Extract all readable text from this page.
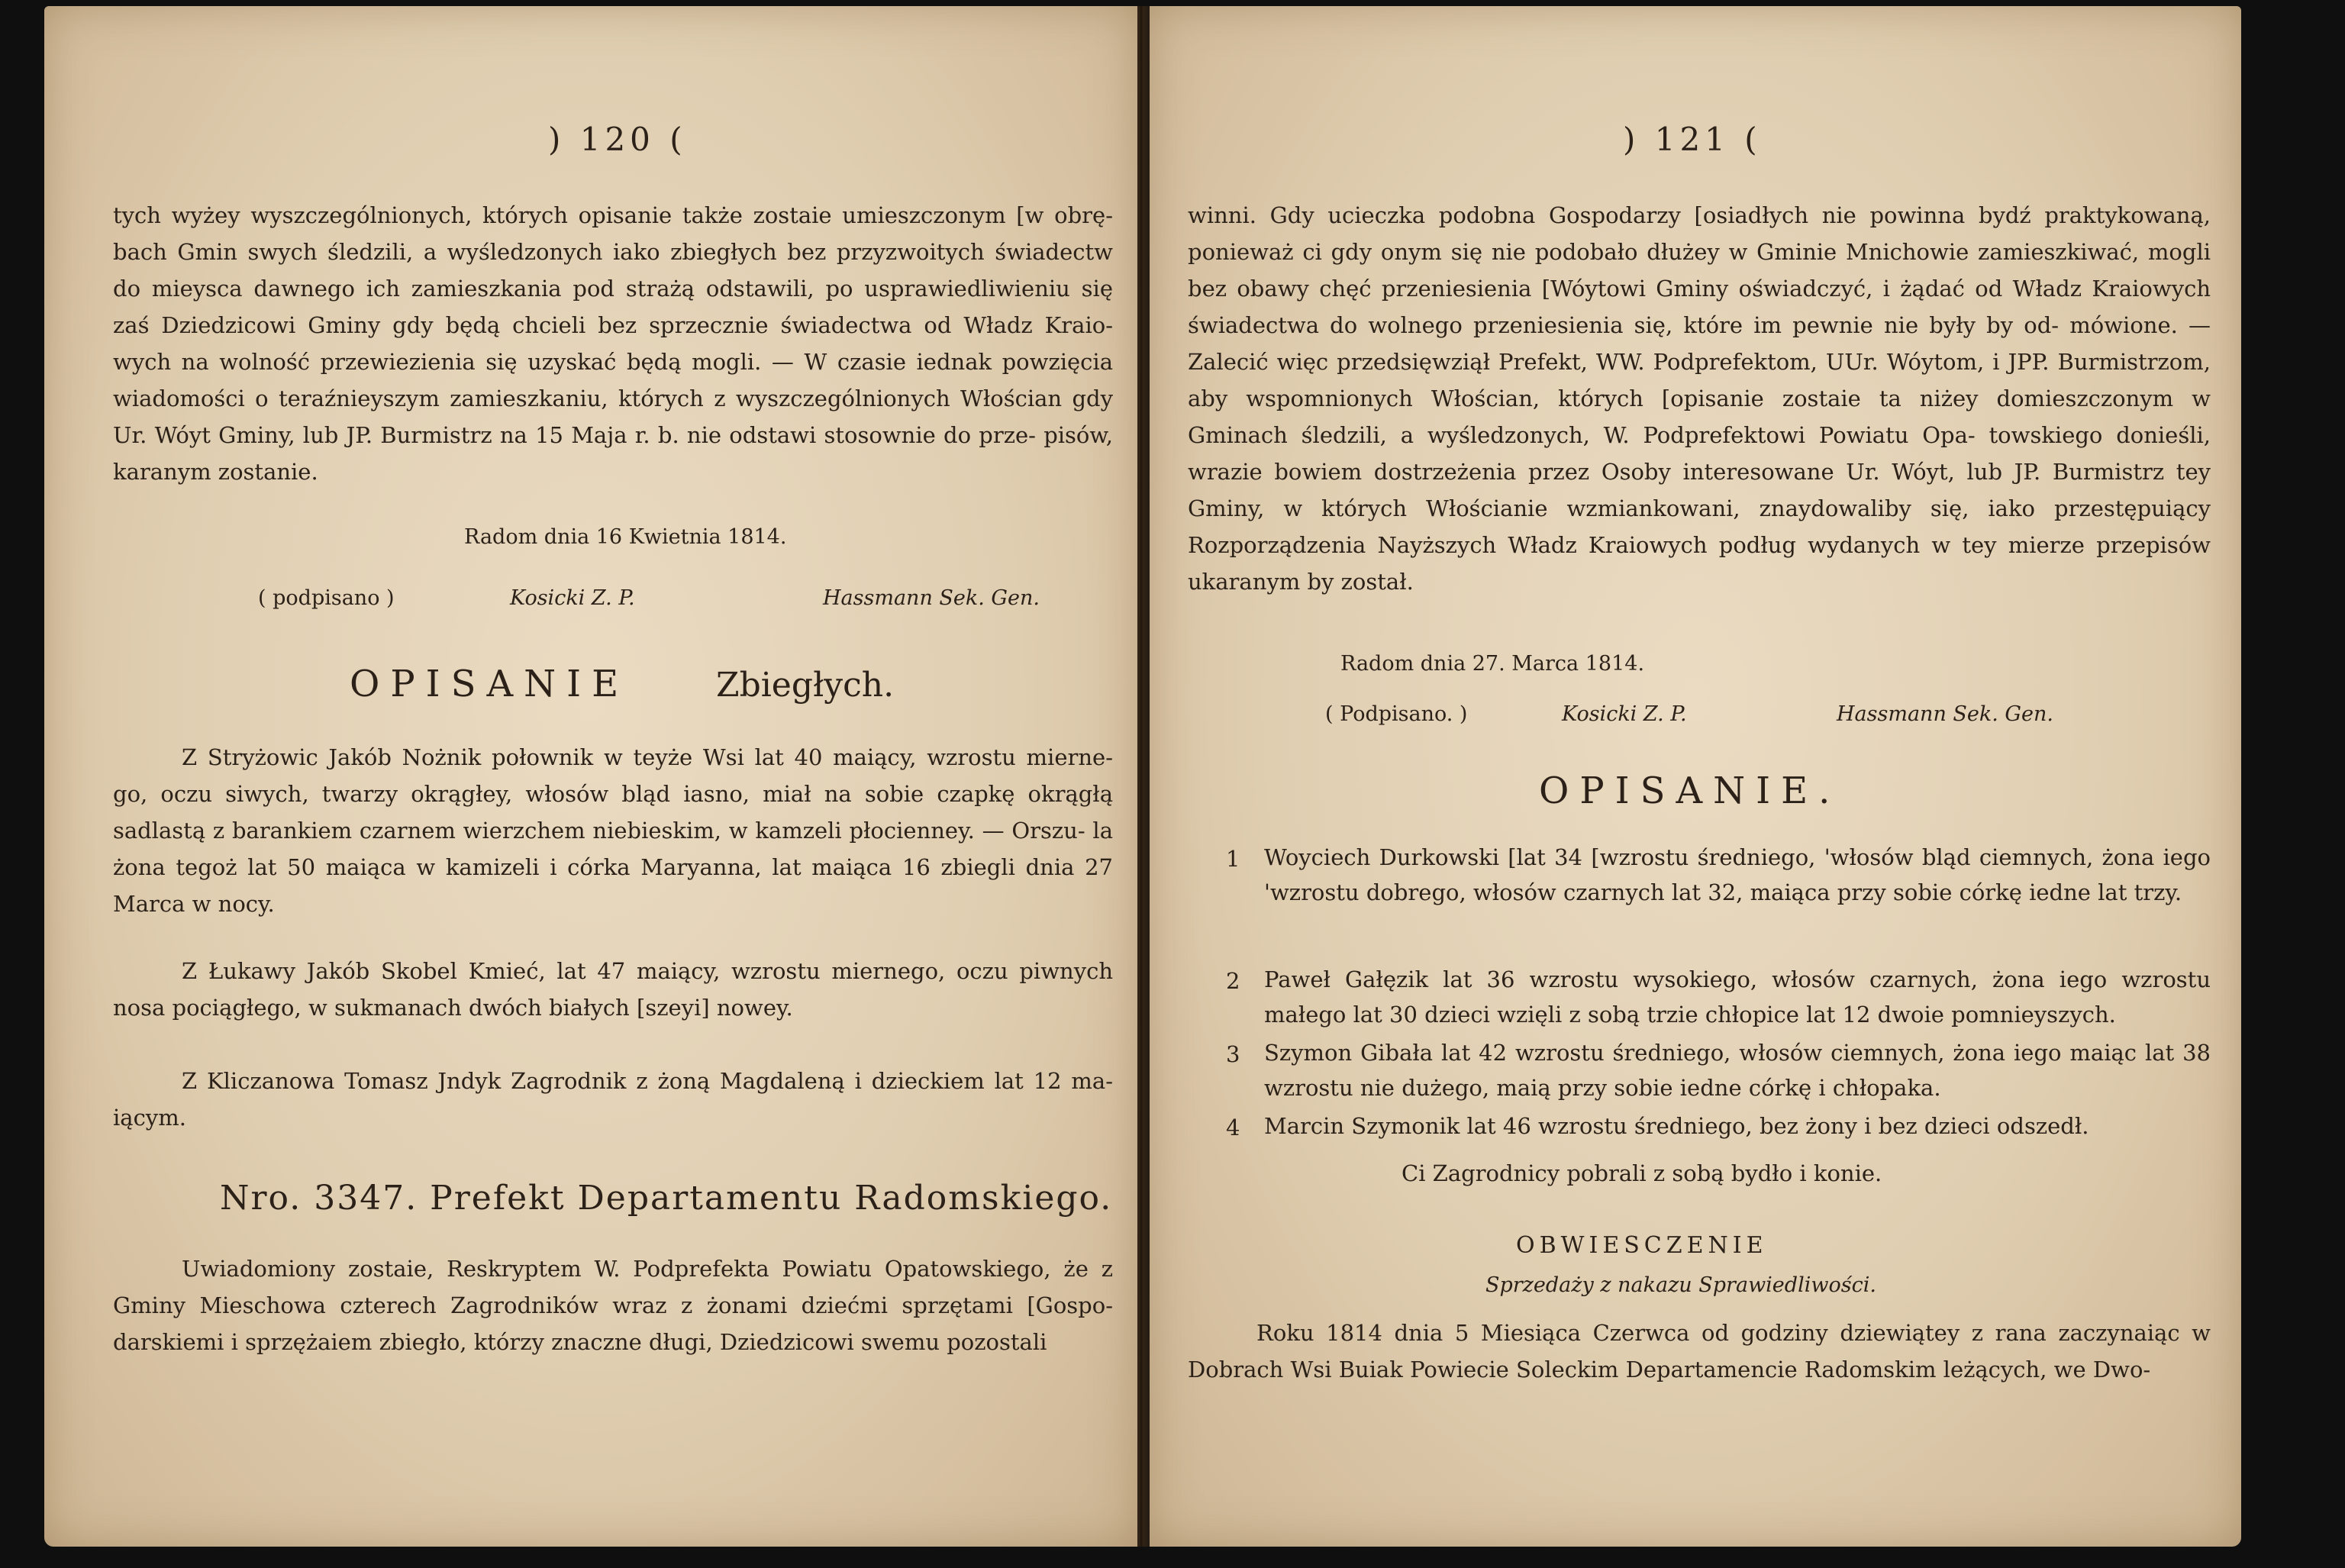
) 120 (

tych wyżey wyszczególnionych, których opisanie także zostaie umieszczonym [w obrę- bach Gmin swych śledzili, a wyśledzonych iako zbiegłych bez przyzwoitych świadectw do mieysca dawnego ich zamieszkania pod strażą odstawili, po usprawiedliwieniu się zaś Dziedzicowi Gminy gdy będą chcieli bez sprzecznie świadectwa od Władz Kraio- wych na wolność przewiezienia się uzyskać będą mogli. — W czasie iednak powzięcia wiadomości o teraźnieyszym zamieszkaniu, których z wyszczególnionych Włościan gdy Ur. Wóyt Gminy, lub JP. Burmistrz na 15 Maja r. b. nie odstawi stosownie do prze- pisów, karanym zostanie.

Radom dnia 16 Kwietnia 1814.
( podpisano )	Kosicki Z. P.	Hassmann Sek. Gen.
OPISANIE	Zbiegłych.

Z Stryżowic Jakób Nożnik połownik w teyże Wsi lat 40 maiący, wzrostu mierne- go, oczu siwych, twarzy okrągłey, włosów bląd iasno, miał na sobie czapkę okrągłą sadlastą z barankiem czarnem wierzchem niebieskim, w kamzeli płocienney. — Orszu- la żona tegoż lat 50 maiąca w kamizeli i córka Maryanna, lat maiąca 16 zbiegli dnia 27 Marca w nocy.

Z Łukawy Jakób Skobel Kmieć, lat 47 maiący, wzrostu miernego, oczu piwnych nosa pociągłego, w sukmanach dwóch białych [szeyi] nowey.

Z Kliczanowa Tomasz Jndyk Zagrodnik z żoną Magdaleną i dzieckiem lat 12 ma- iącym.

Nro. 3347. Prefekt Departamentu Radomskiego.

Uwiadomiony zostaie, Reskryptem W. Podprefekta Powiatu Opatowskiego, że z Gminy Mieschowa czterech Zagrodników wraz z żonami dziećmi sprzętami [Gospo- darskiemi i sprzężaiem zbiegło, którzy znaczne długi, Dziedzicowi swemu pozostali

) 121 (

winni. Gdy ucieczka podobna Gospodarzy [osiadłych nie powinna bydź praktykowaną, ponieważ ci gdy onym się nie podobało dłużey w Gminie Mnichowie zamieszkiwać, mogli bez obawy chęć przeniesienia [Wóytowi Gminy oświadczyć, i żądać od Władz Kraiowych świadectwa do wolnego przeniesienia się, które im pewnie nie były by od- mówione. — Zalecić więc przedsięwziął Prefekt, WW. Podprefektom, UUr. Wóytom, i JPP. Burmistrzom, aby wspomnionych Włościan, których [opisanie zostaie ta niżey domieszczonym w Gminach śledzili, a wyśledzonych, W. Podprefektowi Powiatu Opa- towskiego donieśli, wrazie bowiem dostrzeżenia przez Osoby interesowane Ur. Wóyt, lub JP. Burmistrz tey Gminy, w których Włościanie wzmiankowani, znaydowaliby się, iako przestępuiący Rozporządzenia Nayższych Władz Kraiowych podług wydanych w tey mierze przepisów ukaranym by został.

Radom dnia 27. Marca 1814.
( Podpisano. )	Kosicki Z. P.	Hassmann Sek. Gen.
OPISANIE.
1 Woyciech Durkowski [lat 34 [wzrostu średniego, 'włosów bląd ciemnych, żona iego 'wzrostu dobrego, włosów czarnych lat 32, maiąca przy sobie córkę iedne lat trzy.

2 Paweł Gałęzik lat 36 wzrostu wysokiego, włosów czarnych, żona iego wzrostu małego lat 30 dzieci wzięli z sobą trzie chłopice lat 12 dwoie pomnieyszych.

3 Szymon Gibała lat 42 wzrostu średniego, włosów ciemnych, żona iego maiąc lat 38 wzrostu nie dużego, maią przy sobie iedne córkę i chłopaka.

4 Marcin Szymonik lat 46 wzrostu średniego, bez żony i bez dzieci odszedł.

Ci Zagrodnicy pobrali z sobą bydło i konie.
OBWIESCZENIE
Sprzedaży z nakazu Sprawiedliwości.

Roku 1814 dnia 5 Miesiąca Czerwca od godziny dziewiątey z rana zaczynaiąc w Dobrach Wsi Buiak Powiecie Soleckim Departamencie Radomskim leżących, we Dwo-
